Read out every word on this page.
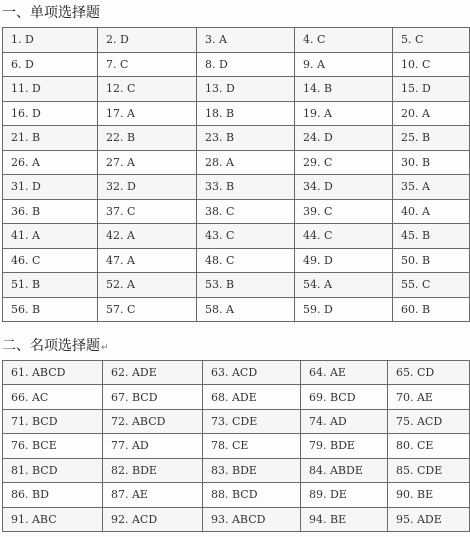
一、单项选择题
1. D	2. D	3. A	4. C	5. C
6. D	7. C	8. D	9. A	10. C
11. D	12. C	13. D	14. B	15. D
16. D	17. A	18. B	19. A	20. A
21. B	22. B	23. B	24. D	25. B
26. A	27. A	28. A	29. C	30. B
31. D	32. D	33. B	34. D	35. A
36. B	37. C	38. C	39. C	40. A
41. A	42. A	43. C	44. C	45. B
46. C	47. A	48. C	49. D	50. B
51. B	52. A	53. B	54. A	55. C
56. B	57. C	58. A	59. D	60. B
二、名项选择题↵
61. ABCD	62. ADE	63. ACD	64. AE	65. CD
66. AC	67. BCD	68. ADE	69. BCD	70. AE
71. BCD	72. ABCD	73. CDE	74. AD	75. ACD
76. BCE	77. AD	78. CE	79. BDE	80. CE
81. BCD	82. BDE	83. BDE	84. ABDE	85. CDE
86. BD	87. AE	88. BCD	89. DE	90. BE
91. ABC	92. ACD	93. ABCD	94. BE	95. ADE
